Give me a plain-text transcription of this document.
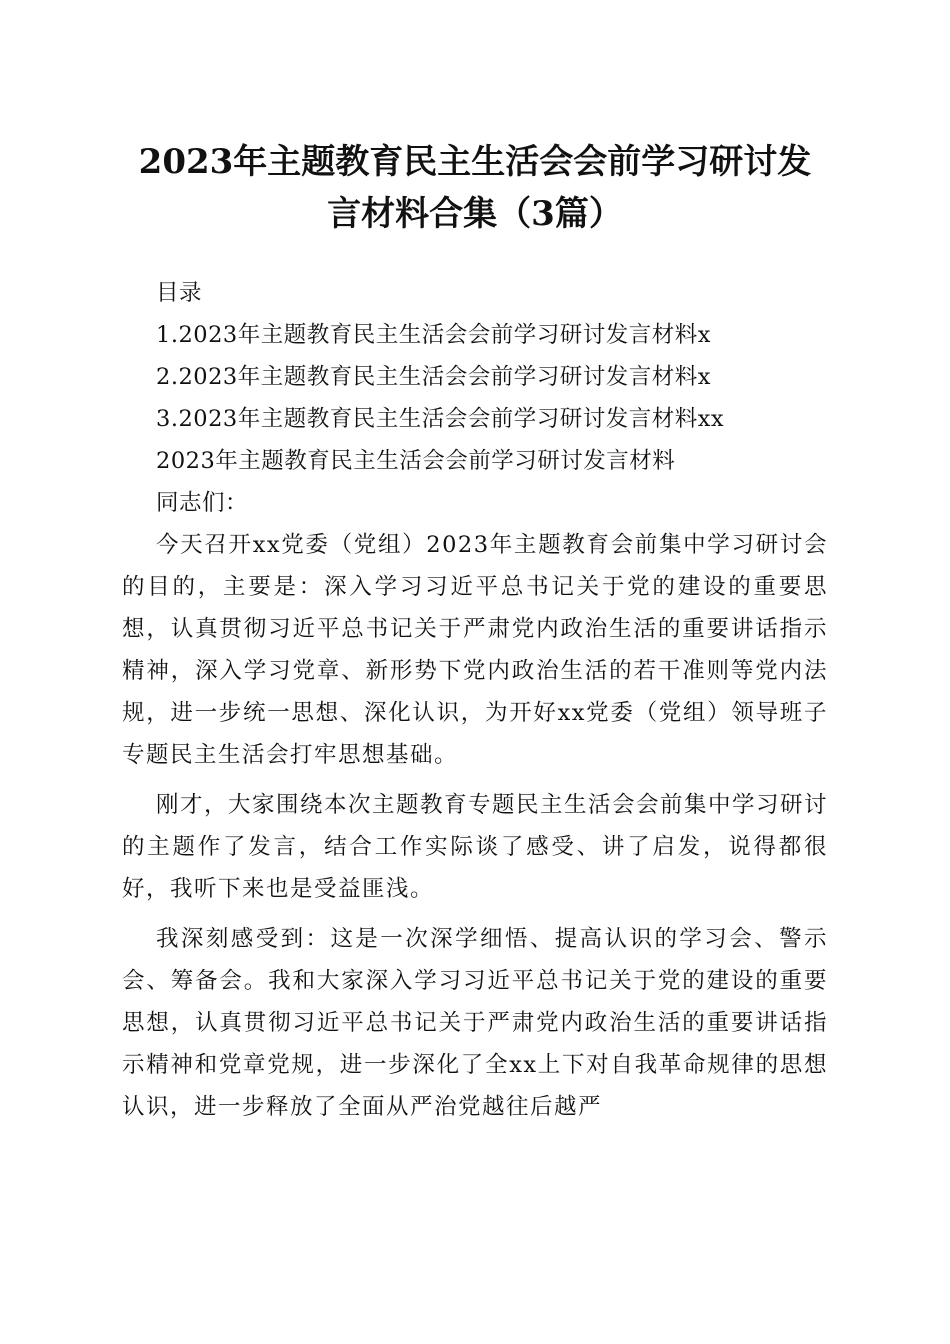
2023年主题教育民主生活会会前学习研讨发
言材料合集（3篇）

目录

1.2023年主题教育民主生活会会前学习研讨发言材料x

2.2023年主题教育民主生活会会前学习研讨发言材料x

3.2023年主题教育民主生活会会前学习研讨发言材料xx

2023年主题教育民主生活会会前学习研讨发言材料

同志们：

今天召开xx党委（党组）2023年主题教育会前集中学习研讨会的目的，主要是：深入学习习近平总书记关于党的建设的重要思想，认真贯彻习近平总书记关于严肃党内政治生活的重要讲话指示精神，深入学习党章、新形势下党内政治生活的若干准则等党内法规，进一步统一思想、深化认识，为开好xx党委（党组）领导班子专题民主生活会打牢思想基础。

刚才，大家围绕本次主题教育专题民主生活会会前集中学习研讨的主题作了发言，结合工作实际谈了感受、讲了启发，说得都很好，我听下来也是受益匪浅。

我深刻感受到：这是一次深学细悟、提高认识的学习会、警示会、筹备会。我和大家深入学习习近平总书记关于党的建设的重要思想，认真贯彻习近平总书记关于严肃党内政治生活的重要讲话指示精神和党章党规，进一步深化了全xx上下对自我革命规律的思想认识，进一步释放了全面从严治党越往后越严
